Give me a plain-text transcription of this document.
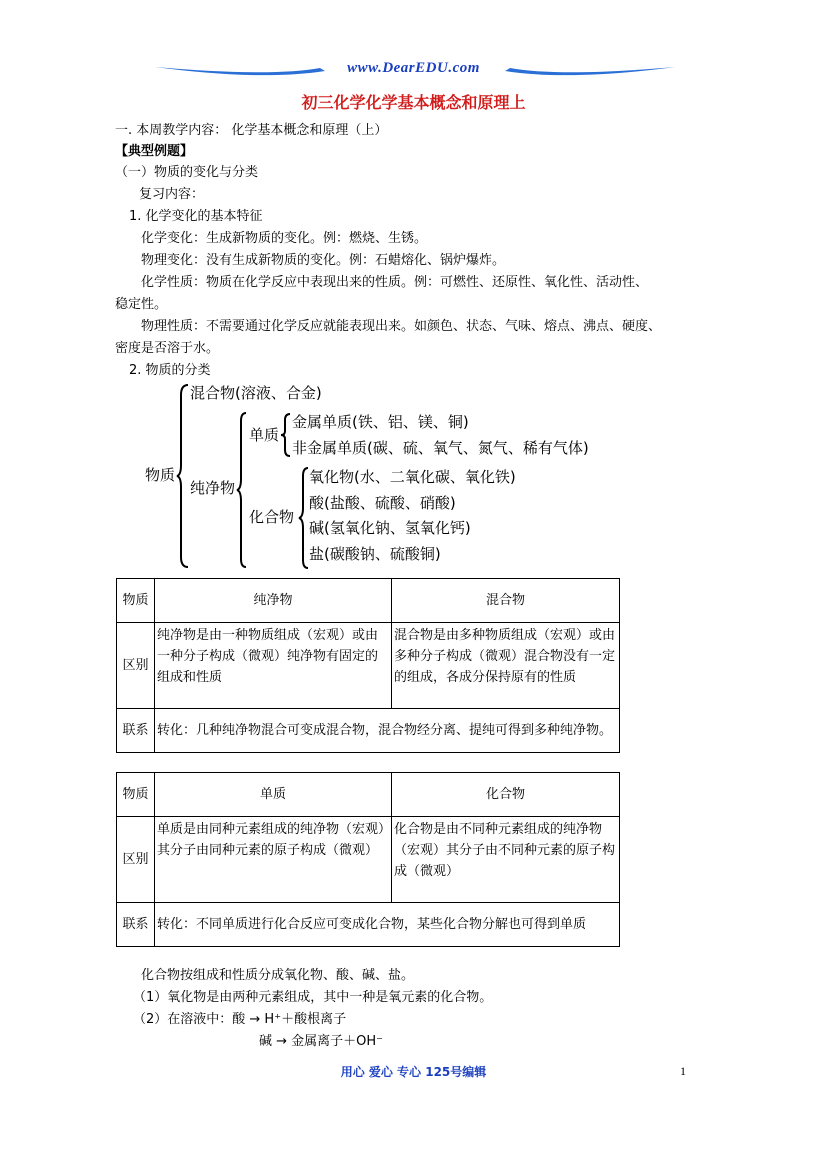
www.DearEDU.com
初三化学化学基本概念和原理上
一. 本周教学内容： 化学基本概念和原理（上）
【典型例题】
（一）物质的变化与分类
复习内容：
1. 化学变化的基本特征
化学变化：生成新物质的变化。例：燃烧、生锈。
物理变化：没有生成新物质的变化。例：石蜡熔化、锅炉爆炸。
化学性质：物质在化学反应中表现出来的性质。例：可燃性、还原性、氧化性、活动性、
稳定性。
物理性质：不需要通过化学反应就能表现出来。如颜色、状态、气味、熔点、沸点、硬度、
密度是否溶于水。
2. 物质的分类
物质
混合物(溶液、合金)
纯净物
单质
金属单质(铁、铝、镁、铜)
非金属单质(碳、硫、氧气、氮气、稀有气体)
化合物
氧化物(水、二氧化碳、氧化铁)
酸(盐酸、硫酸、硝酸)
碱(氢氧化钠、氢氧化钙)
盐(碳酸钠、硫酸铜)
物质	纯净物	混合物
区别	纯净物是由一种物质组成（宏观）或由一种分子构成（微观）纯净物有固定的组成和性质	混合物是由多种物质组成（宏观）或由多种分子构成（微观）混合物没有一定的组成，各成分保持原有的性质
联系	转化：几种纯净物混合可变成混合物，混合物经分离、提纯可得到多种纯净物。	
物质	单质	化合物
区别	单质是由同种元素组成的纯净物（宏观）其分子由同种元素的原子构成（微观）	化合物是由不同种元素组成的纯净物（宏观）其分子由不同种元素的原子构成（微观）
联系	转化：不同单质进行化合反应可变成化合物，某些化合物分解也可得到单质	
化合物按组成和性质分成氧化物、酸、碱、盐。
（1）氧化物是由两种元素组成，其中一种是氧元素的化合物。
（2）在溶液中：酸 → H⁺＋酸根离子
碱 → 金属离子＋OH⁻
用心 爱心 专心 125号编辑	1
